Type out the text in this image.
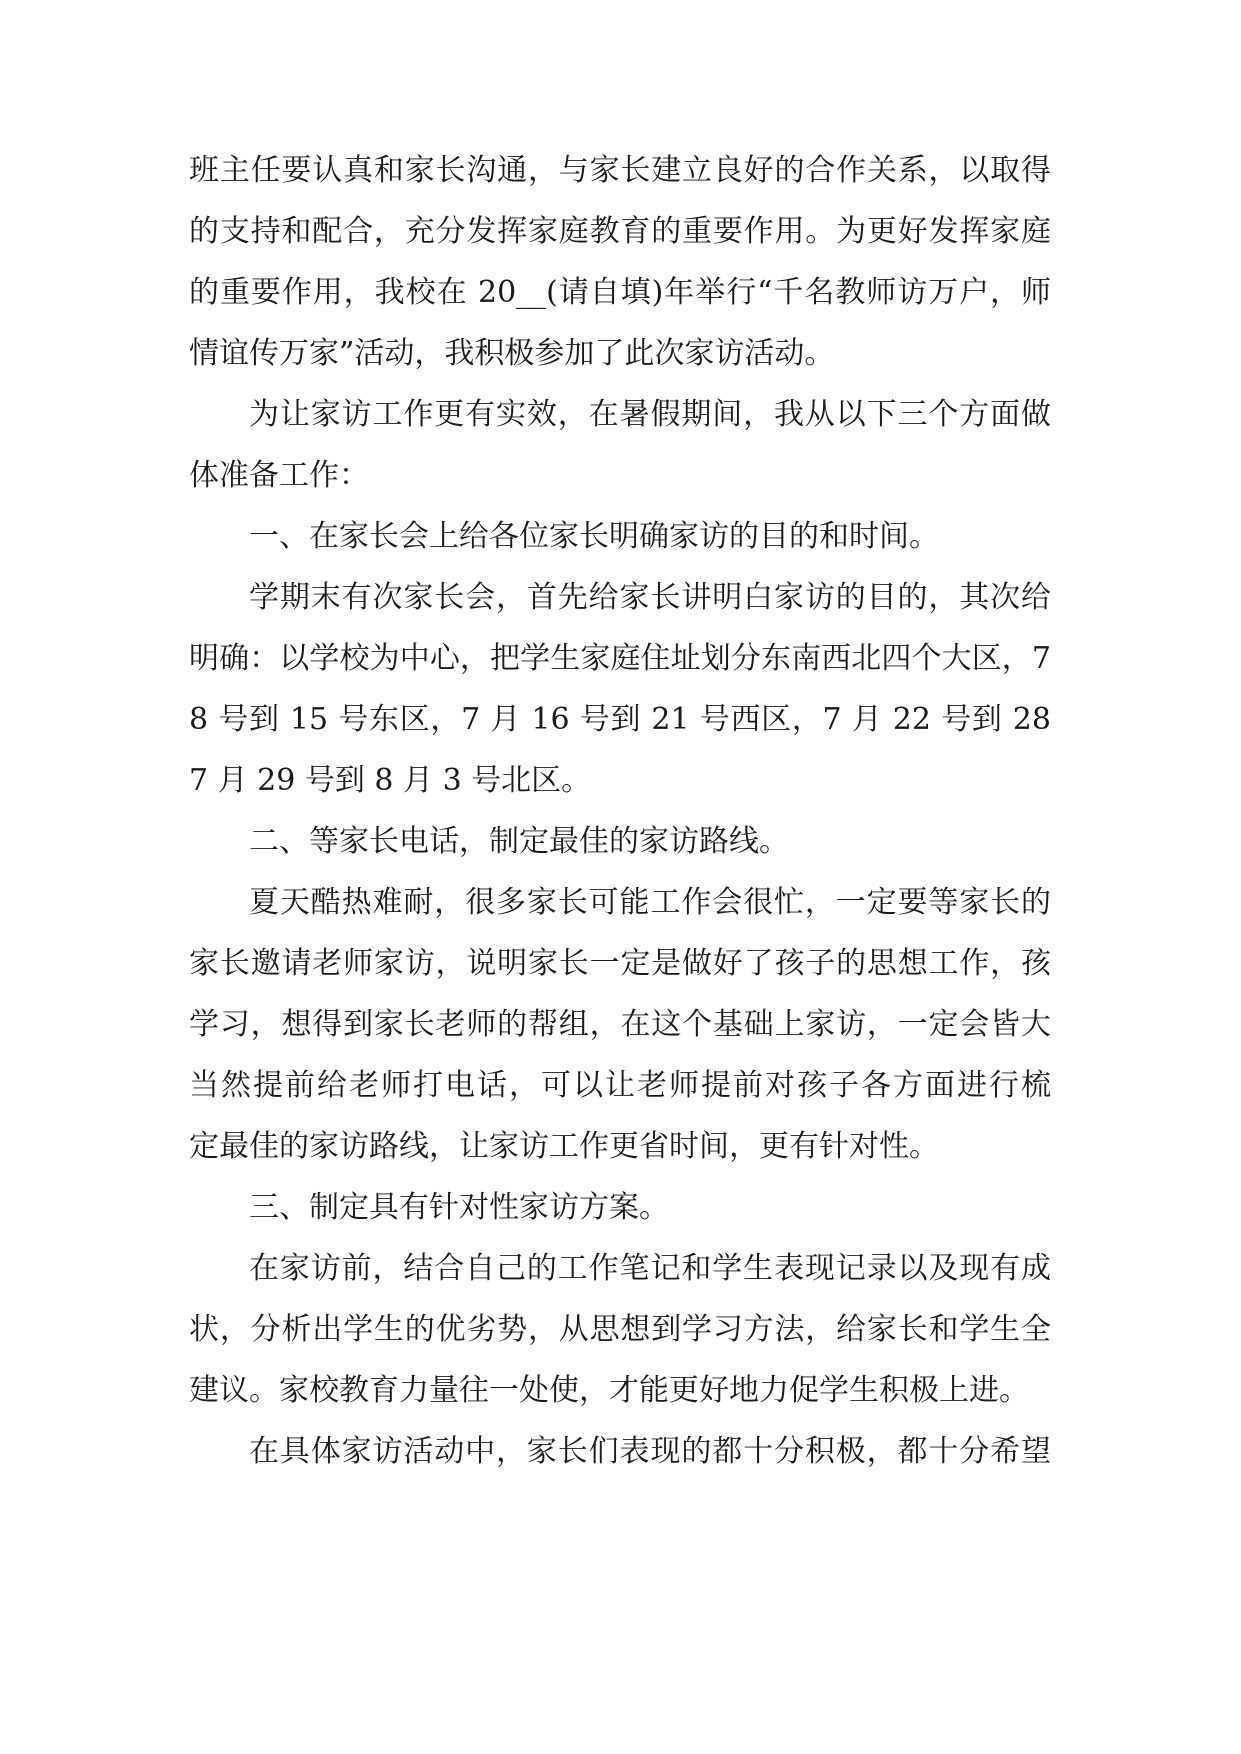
班主任要认真和家长沟通，与家长建立良好的合作关系，以取得
的支持和配合，充分发挥家庭教育的重要作用。为更好发挥家庭
的重要作用，我校在 20__(请自填)年举行“千名教师访万户，师
情谊传万家”活动，我积极参加了此次家访活动。
为让家访工作更有实效，在暑假期间，我从以下三个方面做
体准备工作：
一、在家长会上给各位家长明确家访的目的和时间。
学期末有次家长会，首先给家长讲明白家访的目的，其次给
明确：以学校为中心，把学生家庭住址划分东南西北四个大区，7
8 号到 15 号东区，7 月 16 号到 21 号西区，7 月 22 号到 28
7 月 29 号到 8 月 3 号北区。
二、等家长电话，制定最佳的家访路线。
夏天酷热难耐，很多家长可能工作会很忙，一定要等家长的
家长邀请老师家访，说明家长一定是做好了孩子的思想工作，孩
学习，想得到家长老师的帮组，在这个基础上家访，一定会皆大
当然提前给老师打电话，可以让老师提前对孩子各方面进行梳
定最佳的家访路线，让家访工作更省时间，更有针对性。
三、制定具有针对性家访方案。
在家访前，结合自己的工作笔记和学生表现记录以及现有成
状，分析出学生的优劣势，从思想到学习方法，给家长和学生全
建议。家校教育力量往一处使，才能更好地力促学生积极上进。
在具体家访活动中，家长们表现的都十分积极，都十分希望
